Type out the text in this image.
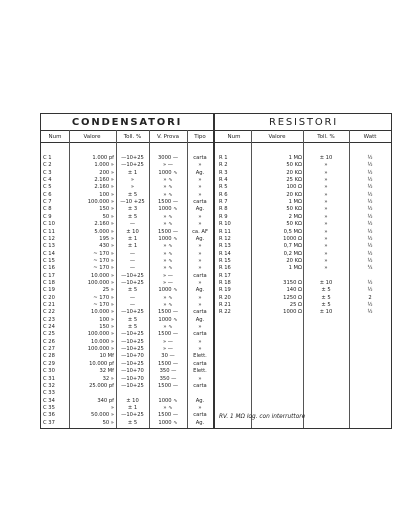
CONDENSATORI	RESISTORI
Num	Valore	Toll. %	V. Prova	Tipo	Num	Valore	Toll. %	Watt
C 1	1.000 pf	—10+25	3000 —	carta
C 2	1.000 »	—10+25	» —	»
C 3	200 »	± 1	1000 ∿	Ag.
C 4	2.160 »	»	» ∿	»
C 5	2.160 »	»	» ∿	»
C 6	100 »	± 5	» ∿	»
C 7	100.000 »	—10 +25	1500 —	carta
C 8	150 »	± 3	1000 ∿	Ag.
C 9	50 »	± 5	» ∿	»
C 10	2.160 »	—	» ∿	»
C 11	5.000 »	± 10	1500 —	ca. AF
C 12	195 »	± 1	1000 ∿	Ag.
C 13	430 »	± 1	» ∿	»
C 14	~ 170 »	—	» ∿	»
C 15	~ 170 »	—	» ∿	»
C 16	~ 170 »	—	» ∿	»
C 17	10.000 »	—10+25	» —	carta
C 18	100.000 »	—10+25	» —	»
C 19	25 »	± 5	1000 ∿	Ag.
C 20	~ 170 »	—	» ∿	»
C 21	~ 170 »	—	» ∿	»
C 22	10.000 »	—10+25	1500 —	carta
C 23	100 »	± 5	1000 ∿	Ag.
C 24	150 »	± 5	» ∿	»
C 25	100.000 »	—10+25	1500 —	carta
C 26	10.000 »	—10+25	» —	»
C 27	100.000 »	—10+25	» —	»
C 28	10 Mf	—10+70	30 —	Elett.
C 29	10.000 pf	—10+25	1500 —	carta
C 30	32 Mf	—10+70	350 —	Elett.
C 31	32 »	—10+70	350 —	»
C 32	25.000 pf	—10+25	1500 —	carta
C 33
C 34	340 pf	± 10	1000 ∿	Ag.
C 35	»	± 1	» ∿	»
C 36	50.000 »	—10+25	1500 —	carta
C 37	50 »	± 5	1000 ∿	Ag.
R 1	1 MΩ	± 10	½
R 2	50 KΩ	»	½
R 3	20 KΩ	»	½
R 4	25 KΩ	»	½
R 5	100 Ω	»	½
R 6	20 KΩ	»	½
R 7	1 MΩ	»	½
R 8	50 KΩ	»	½
R 9	2 MΩ	»	½
R 10	50 KΩ	»	½
R 11	0,5 MΩ	»	½
R 12	1000 Ω	»	½
R 13	0,7 MΩ	»	½
R 14	0,2 MΩ	»	½
R 15	20 KΩ	»	½
R 16	1 MΩ	»	¼
R 17
R 18	3150 Ω	± 10	½
R 19	140 Ω	± 5	½
R 20	1250 Ω	± 5	2
R 21	25 Ω	± 5	½
R 22	1000 Ω	± 10	½
RV. 1 MΩ log. con interruttore
